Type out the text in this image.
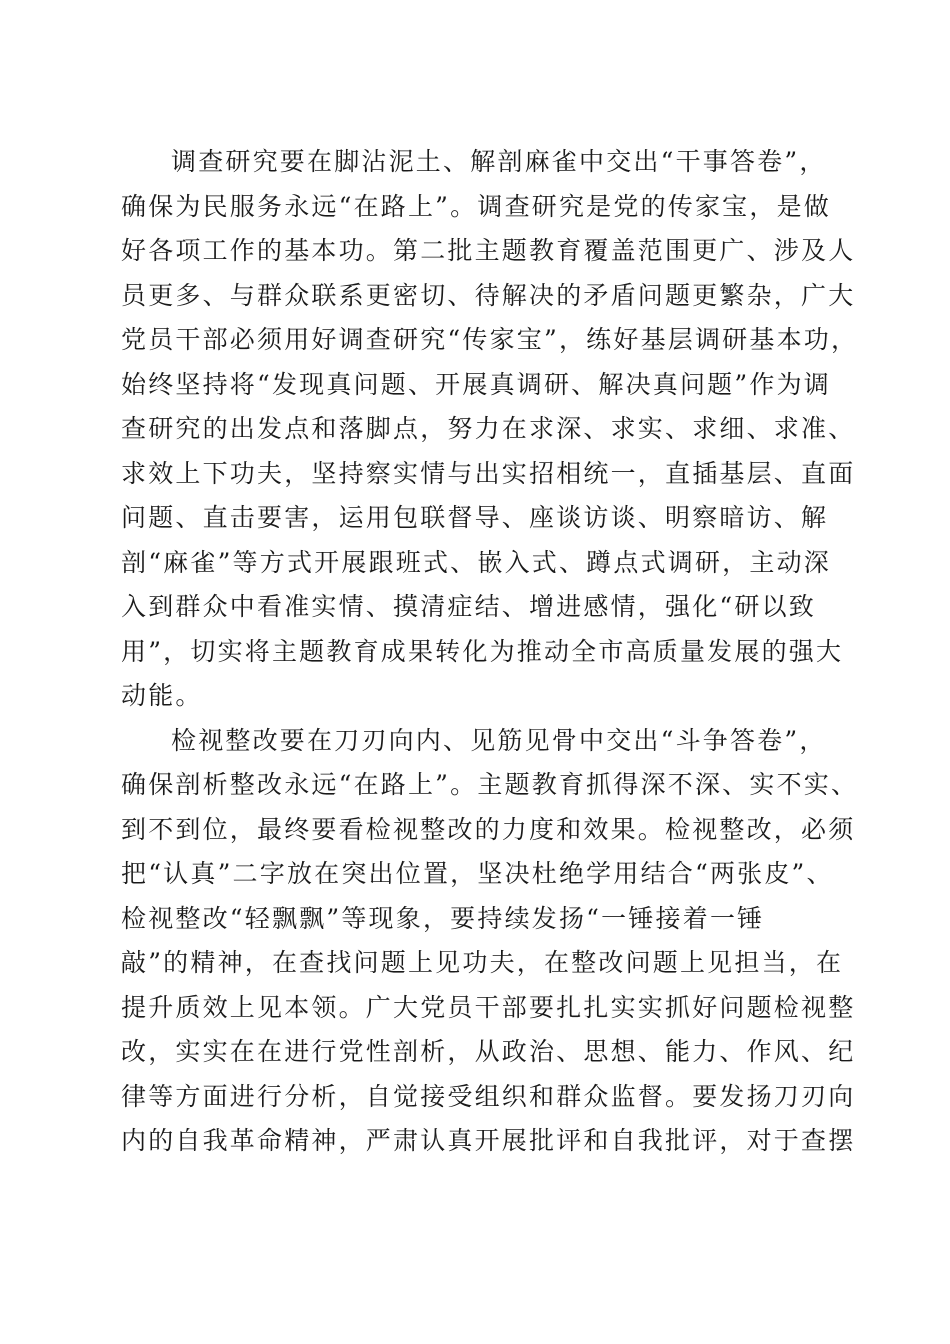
调查研究要在脚沾泥土、解剖麻雀中交出“干事答卷”，
确保为民服务永远“在路上”。调查研究是党的传家宝，是做
好各项工作的基本功。第二批主题教育覆盖范围更广、涉及人
员更多、与群众联系更密切、待解决的矛盾问题更繁杂，广大
党员干部必须用好调查研究“传家宝”，练好基层调研基本功，
始终坚持将“发现真问题、开展真调研、解决真问题”作为调
查研究的出发点和落脚点，努力在求深、求实、求细、求准、
求效上下功夫，坚持察实情与出实招相统一，直插基层、直面
问题、直击要害，运用包联督导、座谈访谈、明察暗访、解
剖“麻雀”等方式开展跟班式、嵌入式、蹲点式调研，主动深
入到群众中看准实情、摸清症结、增进感情，强化“研以致
用”，切实将主题教育成果转化为推动全市高质量发展的强大
动能。
检视整改要在刀刃向内、见筋见骨中交出“斗争答卷”，
确保剖析整改永远“在路上”。主题教育抓得深不深、实不实、
到不到位，最终要看检视整改的力度和效果。检视整改，必须
把“认真”二字放在突出位置，坚决杜绝学用结合“两张皮”、
检视整改“轻飘飘”等现象，要持续发扬“一锤接着一锤
敲”的精神，在查找问题上见功夫，在整改问题上见担当，在
提升质效上见本领。广大党员干部要扎扎实实抓好问题检视整
改，实实在在进行党性剖析，从政治、思想、能力、作风、纪
律等方面进行分析，自觉接受组织和群众监督。要发扬刀刃向
内的自我革命精神，严肃认真开展批评和自我批评，对于查摆
